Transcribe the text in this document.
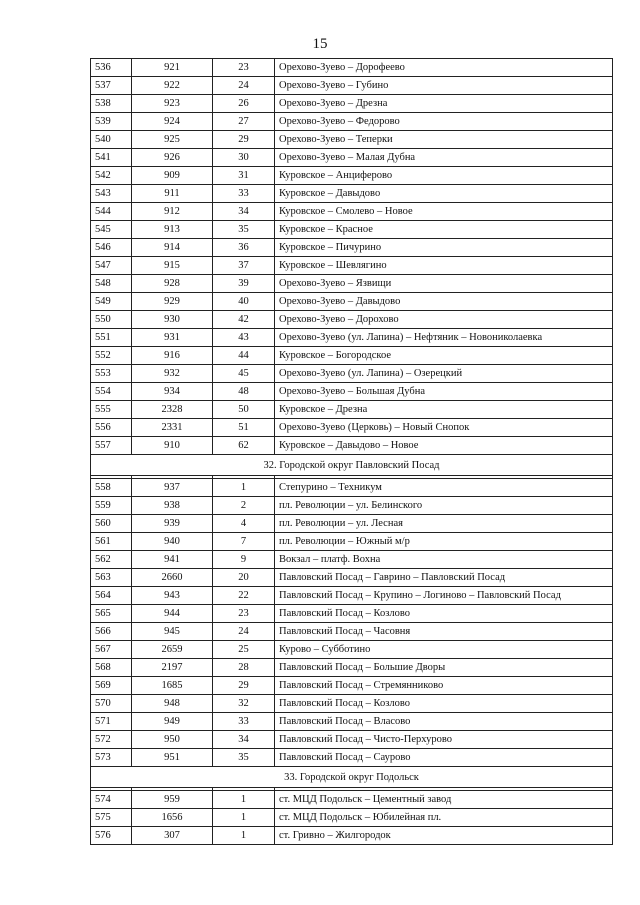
15
536	921	23	Орехово-Зуево – Дорофеево
537	922	24	Орехово-Зуево – Губино
538	923	26	Орехово-Зуево – Дрезна
539	924	27	Орехово-Зуево – Федорово
540	925	29	Орехово-Зуево – Теперки
541	926	30	Орехово-Зуево – Малая Дубна
542	909	31	Куровское – Анциферово
543	911	33	Куровское – Давыдово
544	912	34	Куровское – Смолево – Новое
545	913	35	Куровское – Красное
546	914	36	Куровское – Пичурино
547	915	37	Куровское – Шевлягино
548	928	39	Орехово-Зуево – Язвищи
549	929	40	Орехово-Зуево – Давыдово
550	930	42	Орехово-Зуево – Дорохово
551	931	43	Орехово-Зуево (ул. Лапина) – Нефтяник – Новониколаевка
552	916	44	Куровское – Богородское
553	932	45	Орехово-Зуево (ул. Лапина) – Озерецкий
554	934	48	Орехово-Зуево – Большая Дубна
555	2328	50	Куровское – Дрезна
556	2331	51	Орехово-Зуево (Церковь) – Новый Снопок
557	910	62	Куровское – Давыдово – Новое
32. Городской округ Павловский Посад			

558	937	1	Степурино – Техникум
559	938	2	пл. Революции – ул. Белинского
560	939	4	пл. Революции – ул. Лесная
561	940	7	пл. Революции – Южный м/р
562	941	9	Вокзал – платф. Вохна
563	2660	20	Павловский Посад – Гаврино – Павловский Посад
564	943	22	Павловский Посад – Крупино – Логиново – Павловский Посад
565	944	23	Павловский Посад – Козлово
566	945	24	Павловский Посад – Часовня
567	2659	25	Курово – Субботино
568	2197	28	Павловский Посад – Большие Дворы
569	1685	29	Павловский Посад – Стремянниково
570	948	32	Павловский Посад – Козлово
571	949	33	Павловский Посад – Власово
572	950	34	Павловский Посад – Чисто-Перхурово
573	951	35	Павловский Посад – Саурово
33. Городской округ Подольск			

574	959	1	ст. МЦД Подольск – Цементный завод
575	1656	1	ст. МЦД Подольск – Юбилейная пл.
576	307	1	ст. Гривно – Жилгородок
